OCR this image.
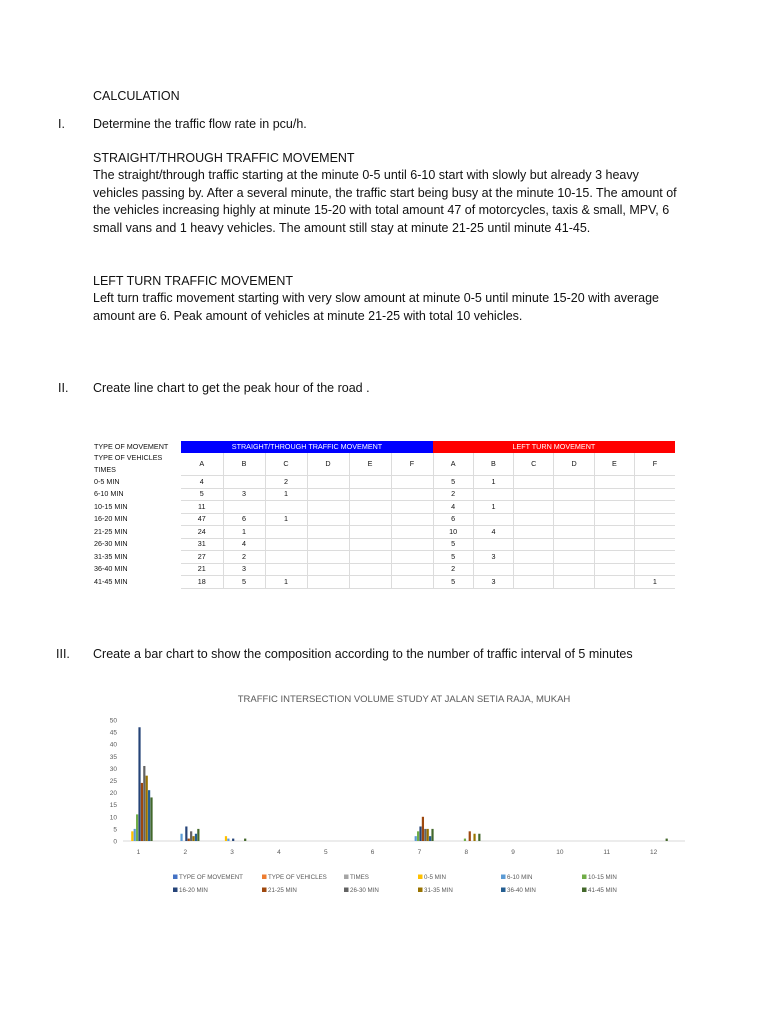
CALCULATION
I. Determine the traffic flow rate in pcu/h.
STRAIGHT/THROUGH TRAFFIC MOVEMENT
The straight/through traffic starting at the minute 0-5 until 6-10 start with slowly but already 3 heavy vehicles passing by. After a several minute, the traffic start being busy at the minute 10-15. The amount of the vehicles increasing highly at minute 15-20 with total amount 47 of motorcycles, taxis & small, MPV, 6 small vans and 1 heavy vehicles. The amount still stay at minute 21-25 until minute 41-45.
LEFT TURN TRAFFIC MOVEMENT
Left turn traffic movement starting with very slow amount at minute 0-5 until minute 15-20 with average amount are 6. Peak amount of vehicles at minute 21-25 with total 10 vehicles.
II. Create line chart to get the peak hour of the road .
TYPE OF MOVEMENT	STRAIGHT/THROUGH TRAFFIC MOVEMENT						LEFT TURN MOVEMENT					
TYPE OF VEHICLES	A	B	C	D	E	F	A	B	C	D	E	F
TIMES												
0-5 MIN	4		2				5	1				
6-10 MIN	5	3	1				2					
10-15 MIN	11						4	1				
16-20 MIN	47	6	1				6					
21-25 MIN	24	1					10	4				
26-30 MIN	31	4					5					
31-35 MIN	27	2					5	3				
36-40 MIN	21	3					2					
41-45 MIN	18	5	1				5	3				1
III. Create a bar chart to show the composition according to the number of traffic interval of 5 minutes
TRAFFIC INTERSECTION VOLUME STUDY AT JALAN SETIA RAJA, MUKAH
0
5
10
15
20
25
30
35
40
45
50
1	2	3	4	5	6	7	8	9	10	11	12
TYPE OF MOVEMENT	TYPE OF VEHICLES	TIMES	0-5 MIN	6-10 MIN	10-15 MIN
16-20 MIN	21-25 MIN	26-30 MIN	31-35 MIN	36-40 MIN	41-45 MIN
